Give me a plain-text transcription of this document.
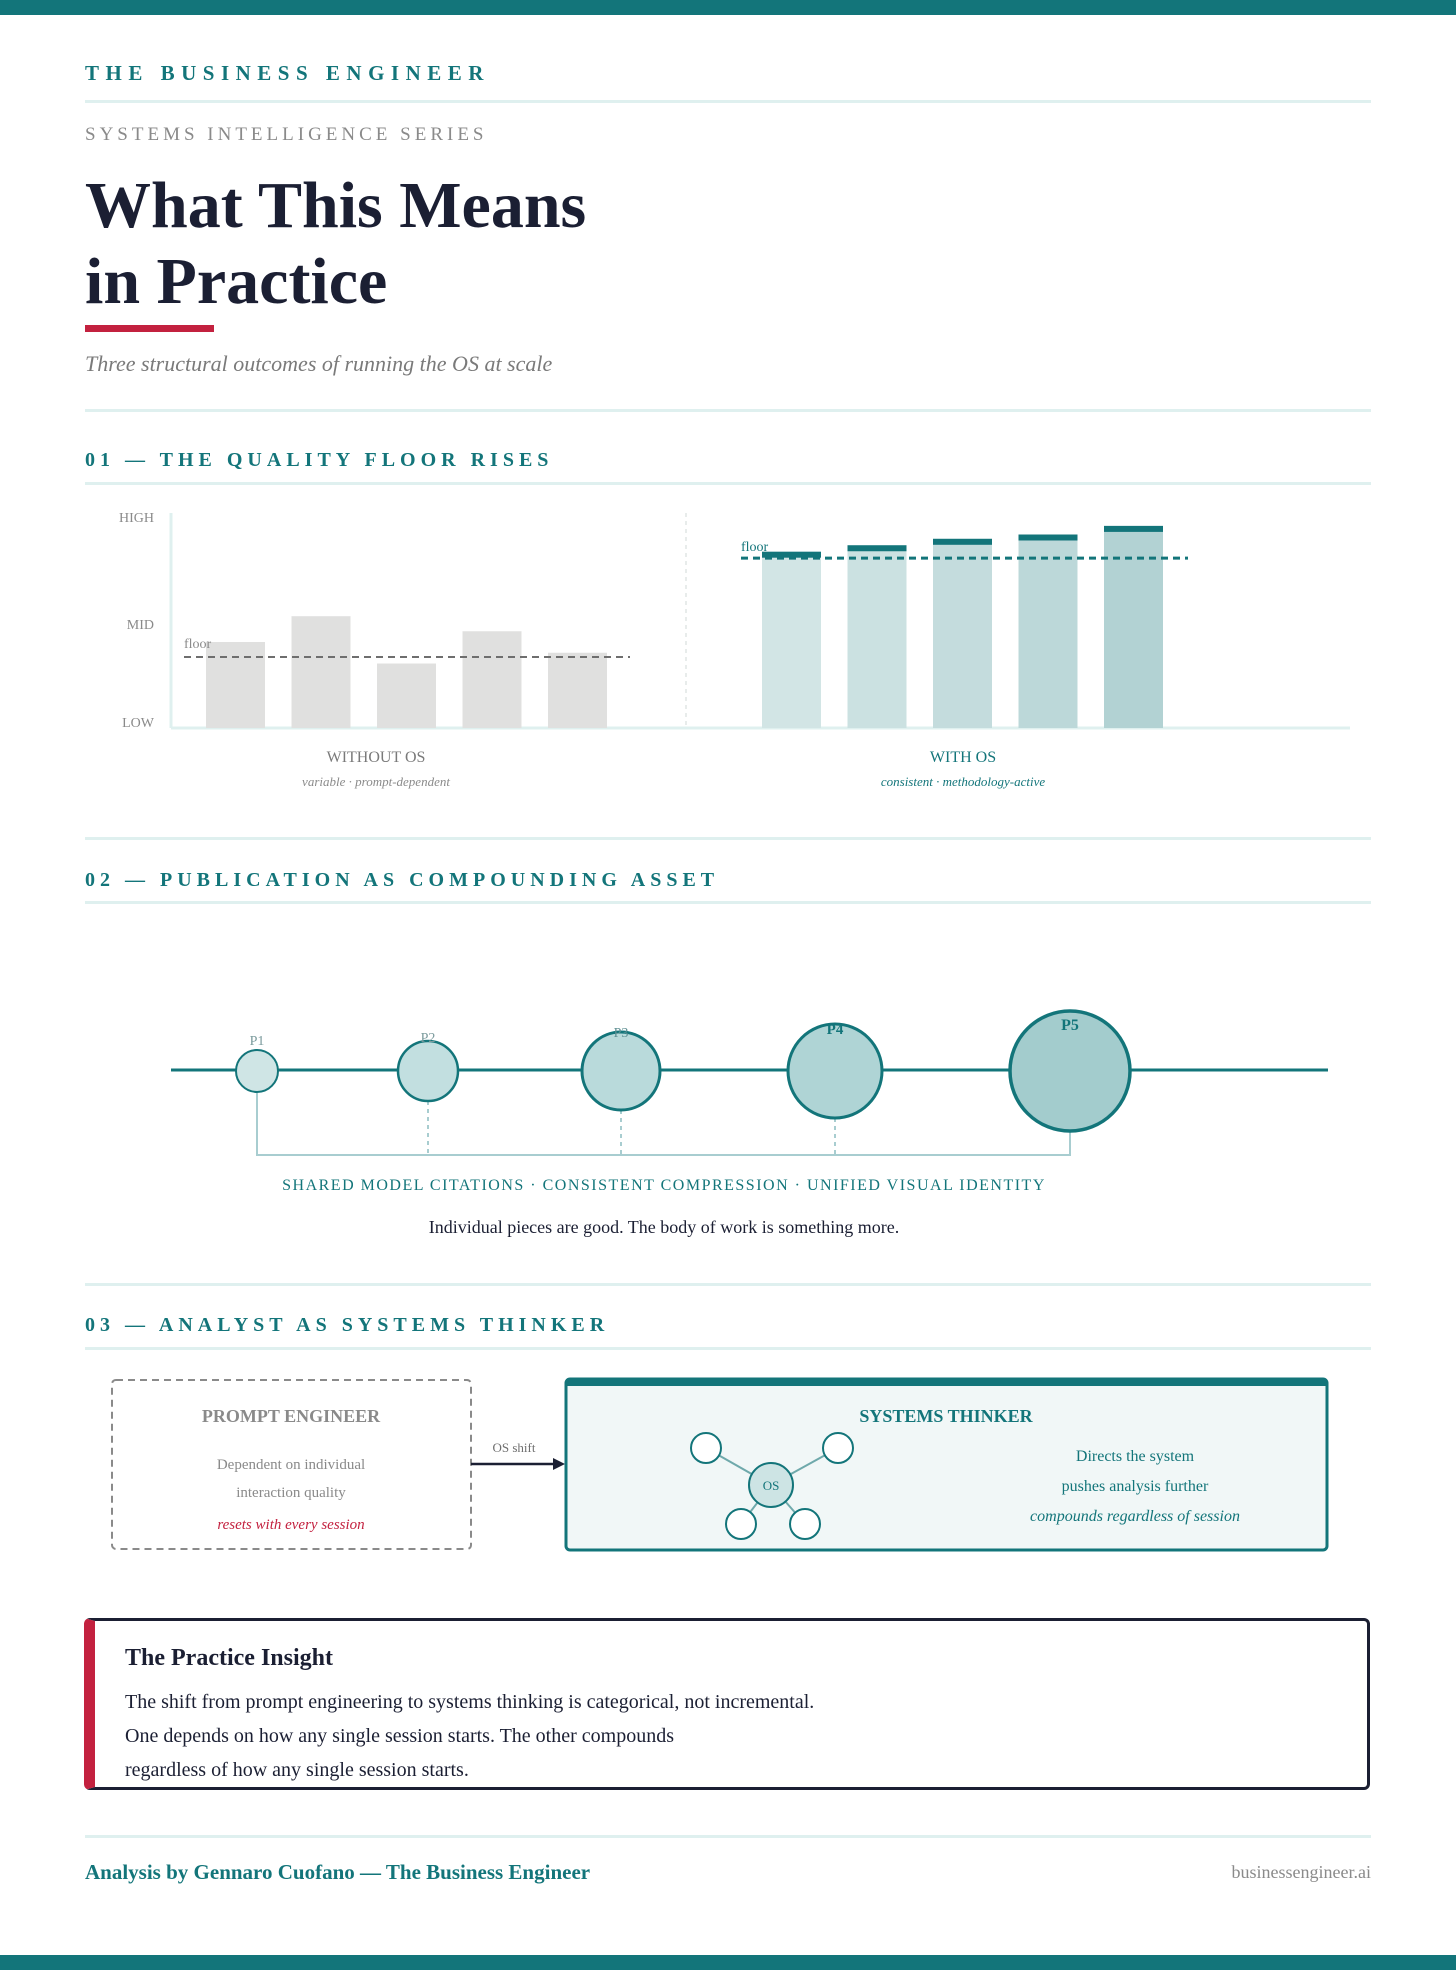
THE BUSINESS ENGINEER
SYSTEMS INTELLIGENCE SERIES
What This Means
in Practice
Three structural outcomes of running the OS at scale
01 — THE QUALITY FLOOR RISES
HIGH
MID
LOW
floor
floor
WITHOUT OS
variable · prompt-dependent
WITH OS
consistent · methodology-active
02 — PUBLICATION AS COMPOUNDING ASSET
P1	P2	P3	P4	P5
SHARED MODEL CITATIONS · CONSISTENT COMPRESSION · UNIFIED VISUAL IDENTITY
Individual pieces are good. The body of work is something more.
03 — ANALYST AS SYSTEMS THINKER
PROMPT ENGINEER
Dependent on individual
interaction quality
resets with every session
OS shift
SYSTEMS THINKER
OS
Directs the system
pushes analysis further
compounds regardless of session
The Practice Insight
The shift from prompt engineering to systems thinking is categorical, not incremental.
One depends on how any single session starts. The other compounds
regardless of how any single session starts.
Analysis by Gennaro Cuofano — The Business Engineer	businessengineer.ai
